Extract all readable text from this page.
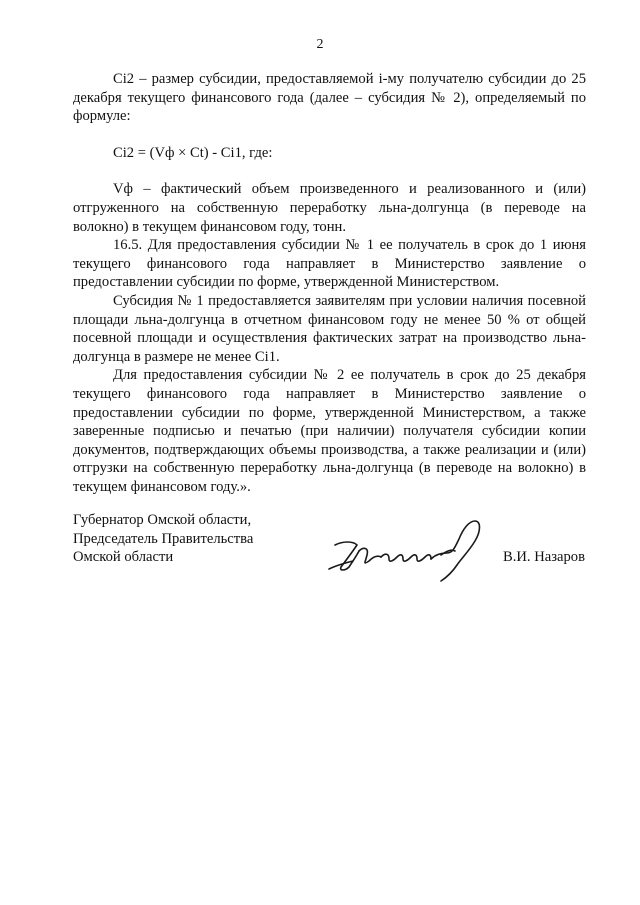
2

Ci2 – размер субсидии, предоставляемой i-му получателю субсидии до 25 декабря текущего финансового года (далее – субсидия № 2), определяемый по формуле:

Ci2 = (Vф × Ct) - Ci1, где:

Vф – фактический объем произведенного и реализованного и (или) отгруженного на собственную переработку льна-долгунца (в переводе на волокно) в текущем финансовом году, тонн.

16.5. Для предоставления субсидии № 1 ее получатель в срок до 1 июня текущего финансового года направляет в Министерство заявление о предоставлении субсидии по форме, утвержденной Министерством.

Субсидия № 1 предоставляется заявителям при условии наличия посевной площади льна-долгунца в отчетном финансовом году не менее 50 % от общей посевной площади и осуществления фактических затрат на производство льна-долгунца в размере не менее Ci1.

Для предоставления субсидии № 2 ее получатель в срок до 25 декабря текущего финансового года направляет в Министерство заявление о предоставлении субсидии по форме, утвержденной Министерством, а также заверенные подписью и печатью (при наличии) получателя субсидии копии документов, подтверждающих объемы производства, а также реализации и (или) отгрузки на собственную переработку льна-долгунца (в переводе на волокно) в текущем финансовом году.».

Губернатор Омской области,
Председатель Правительства
Омской области	В.И. Назаров
